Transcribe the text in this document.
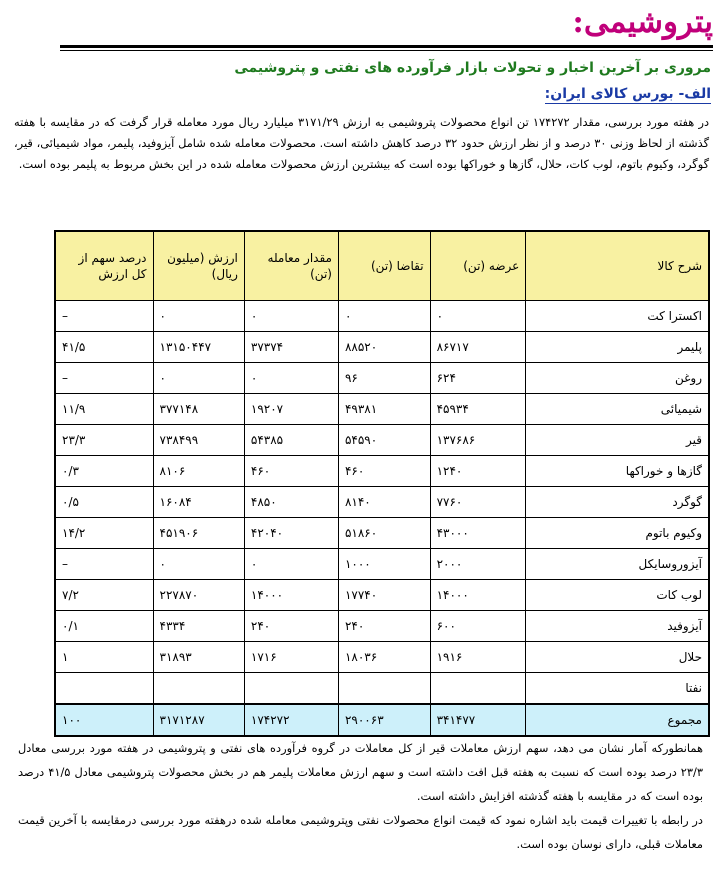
پتروشیمی:
مروری بر آخرین اخبار و تحولات بازار فرآورده های نفتی و پتروشیمی
الف- بورس کالای ایران:

در هفته مورد بررسی، مقدار ۱۷۴۲۷۲ تن انواع محصولات پتروشیمی به ارزش ۳۱۷۱/۲۹ میلیارد ریال مورد معامله قرار گرفت که در مقایسه با هفته گذشته از لحاظ وزنی ۳۰ درصد و از نظر ارزش حدود ۳۲ درصد کاهش داشته است. محصولات معامله شده شامل آیزوفید، پلیمر، مواد شیمیائی، قیر، گوگرد، وکیوم باتوم، لوب کات، حلال، گازها و خوراکها بوده است که بیشترین ارزش محصولات معامله شده در این بخش مربوط به پلیمر بوده است.

شرح کالا	عرضه (تن)	تقاضا (تن)	مقدار معامله (تن)	ارزش (میلیون ریال)	درصد سهم از کل ارزش
اکسترا کت	۰	۰	۰	۰	–
پلیمر	۸۶۷۱۷	۸۸۵۲۰	۳۷۳۷۴	۱۳۱۵۰۴۴۷	۴۱/۵
روغن	۶۲۴	۹۶	۰	۰	–
شیمیائی	۴۵۹۳۴	۴۹۳۸۱	۱۹۲۰۷	۳۷۷۱۴۸	۱۱/۹
قیر	۱۳۷۶۸۶	۵۴۵۹۰	۵۴۳۸۵	۷۳۸۴۹۹	۲۳/۳
گازها و خوراکها	۱۲۴۰	۴۶۰	۴۶۰	۸۱۰۶	۰/۳
گوگرد	۷۷۶۰	۸۱۴۰	۴۸۵۰	۱۶۰۸۴	۰/۵
وکیوم باتوم	۴۳۰۰۰	۵۱۸۶۰	۴۲۰۴۰	۴۵۱۹۰۶	۱۴/۲
آیزوروسایکل	۲۰۰۰	۱۰۰۰	۰	۰	–
لوب کات	۱۴۰۰۰	۱۷۷۴۰	۱۴۰۰۰	۲۲۷۸۷۰	۷/۲
آیزوفید	۶۰۰	۲۴۰	۲۴۰	۴۳۳۴	۰/۱
حلال	۱۹۱۶	۱۸۰۳۶	۱۷۱۶	۳۱۸۹۳	۱
نفتا					
مجموع	۳۴۱۴۷۷	۲۹۰۰۶۳	۱۷۴۲۷۲	۳۱۷۱۲۸۷	۱۰۰

همانطورکه آمار نشان می دهد، سهم ارزش معاملات قیر از کل معاملات در گروه فرآورده های نفتی و پتروشیمی در هفته مورد بررسی معادل ۲۳/۳ درصد بوده است که نسبت به هفته قبل افت داشته است و سهم ارزش معاملات پلیمر هم در بخش محصولات پتروشیمی معادل ۴۱/۵ درصد بوده است که در مقایسه با هفته گذشته افزایش داشته است.

در رابطه با تغییرات قیمت باید اشاره نمود که قیمت انواع محصولات نفتی وپتروشیمی معامله شده درهفته مورد بررسی درمقایسه با آخرین قیمت معاملات قبلی، دارای نوسان بوده است.
